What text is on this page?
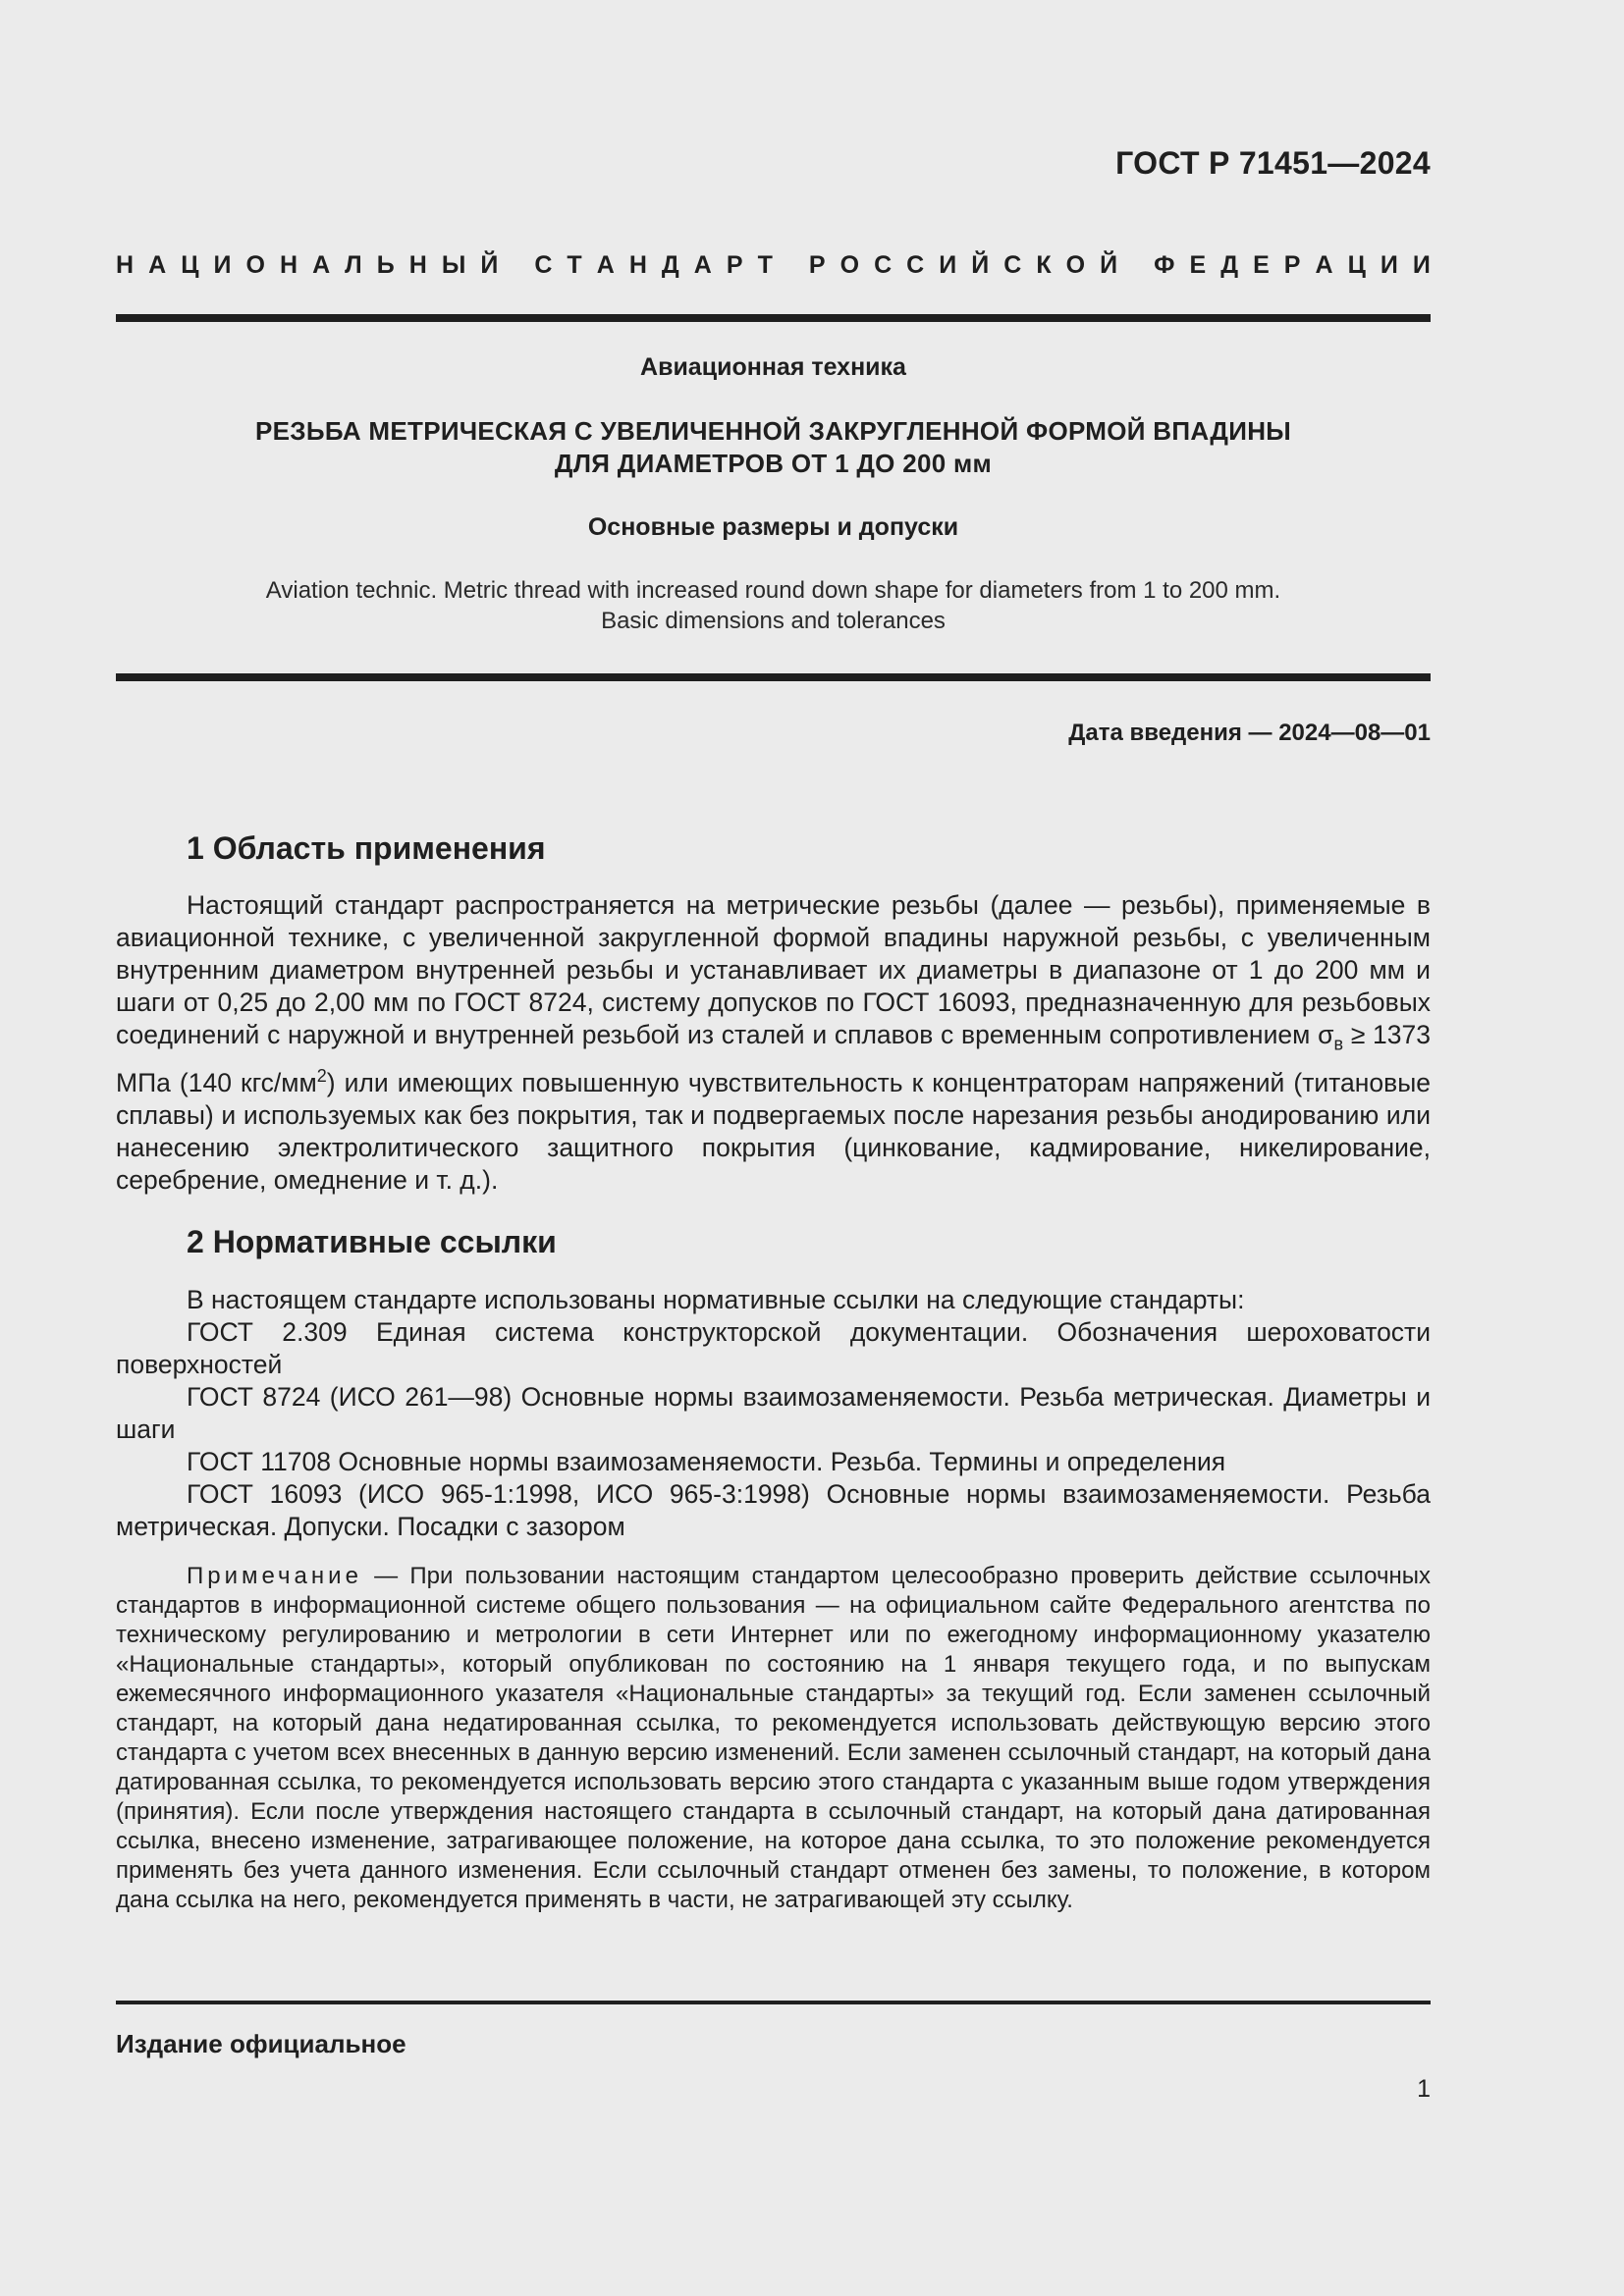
ГОСТ Р 71451—2024
Н А Ц И О Н А Л Ь Н Ы Й
С Т А Н Д А Р Т
Р О С С И Й С К О Й
Ф Е Д Е Р А Ц И И
Авиационная техника
РЕЗЬБА МЕТРИЧЕСКАЯ С УВЕЛИЧЕННОЙ ЗАКРУГЛЕННОЙ ФОРМОЙ ВПАДИНЫ
ДЛЯ ДИАМЕТРОВ ОТ 1 ДО 200 мм
Основные размеры и допуски
Aviation technic. Metric thread with increased round down shape for diameters from 1 to 200 mm.
Basic dimensions and tolerances
Дата введения — 2024—08—01
1 Область применения

Настоящий стандарт распространяется на метрические резьбы (далее — резьбы), применяемые в авиационной технике, с увеличенной закругленной формой впадины наружной резьбы, с увеличенным внутренним диаметром внутренней резьбы и устанавливает их диаметры в диапазоне от 1 до 200 мм и шаги от 0,25 до 2,00 мм по ГОСТ 8724, систему допусков по ГОСТ 16093, предназначенную для резьбовых соединений с наружной и внутренней резьбой из сталей и сплавов с временным сопротивлением $\sigma_в \ge 1373$ МПа (140 кгс/$мм^2$) или имеющих повышенную чувствительность к концентраторам напряжений (титановые сплавы) и используемых как без покрытия, так и подвергаемых после нарезания резьбы анодированию или нанесению электролитического защитного покрытия (цинкование, кадмирование, никелирование, серебрение, омеднение и т. д.).

2 Нормативные ссылки

В настоящем стандарте использованы нормативные ссылки на следующие стандарты:

ГОСТ 2.309 Единая система конструкторской документации. Обозначения шероховатости поверхностей

ГОСТ 8724 (ИСО 261—98) Основные нормы взаимозаменяемости. Резьба метрическая. Диаметры и шаги

ГОСТ 11708 Основные нормы взаимозаменяемости. Резьба. Термины и определения

ГОСТ 16093 (ИСО 965-1:1998, ИСО 965-3:1998) Основные нормы взаимозаменяемости. Резьба метрическая. Допуски. Посадки с зазором

Примечание — При пользовании настоящим стандартом целесообразно проверить действие ссылочных стандартов в информационной системе общего пользования — на официальном сайте Федерального агентства по техническому регулированию и метрологии в сети Интернет или по ежегодному информационному указателю «Национальные стандарты», который опубликован по состоянию на 1 января текущего года, и по выпускам ежемесячного информационного указателя «Национальные стандарты» за текущий год. Если заменен ссылочный стандарт, на который дана недатированная ссылка, то рекомендуется использовать действующую версию этого стандарта с учетом всех внесенных в данную версию изменений. Если заменен ссылочный стандарт, на который дана датированная ссылка, то рекомендуется использовать версию этого стандарта с указанным выше годом утверждения (принятия). Если после утверждения настоящего стандарта в ссылочный стандарт, на который дана датированная ссылка, внесено изменение, затрагивающее положение, на которое дана ссылка, то это положение рекомендуется применять без учета данного изменения. Если ссылочный стандарт отменен без замены, то положение, в котором дана ссылка на него, рекомендуется применять в части, не затрагивающей эту ссылку.

Издание официальное
1
